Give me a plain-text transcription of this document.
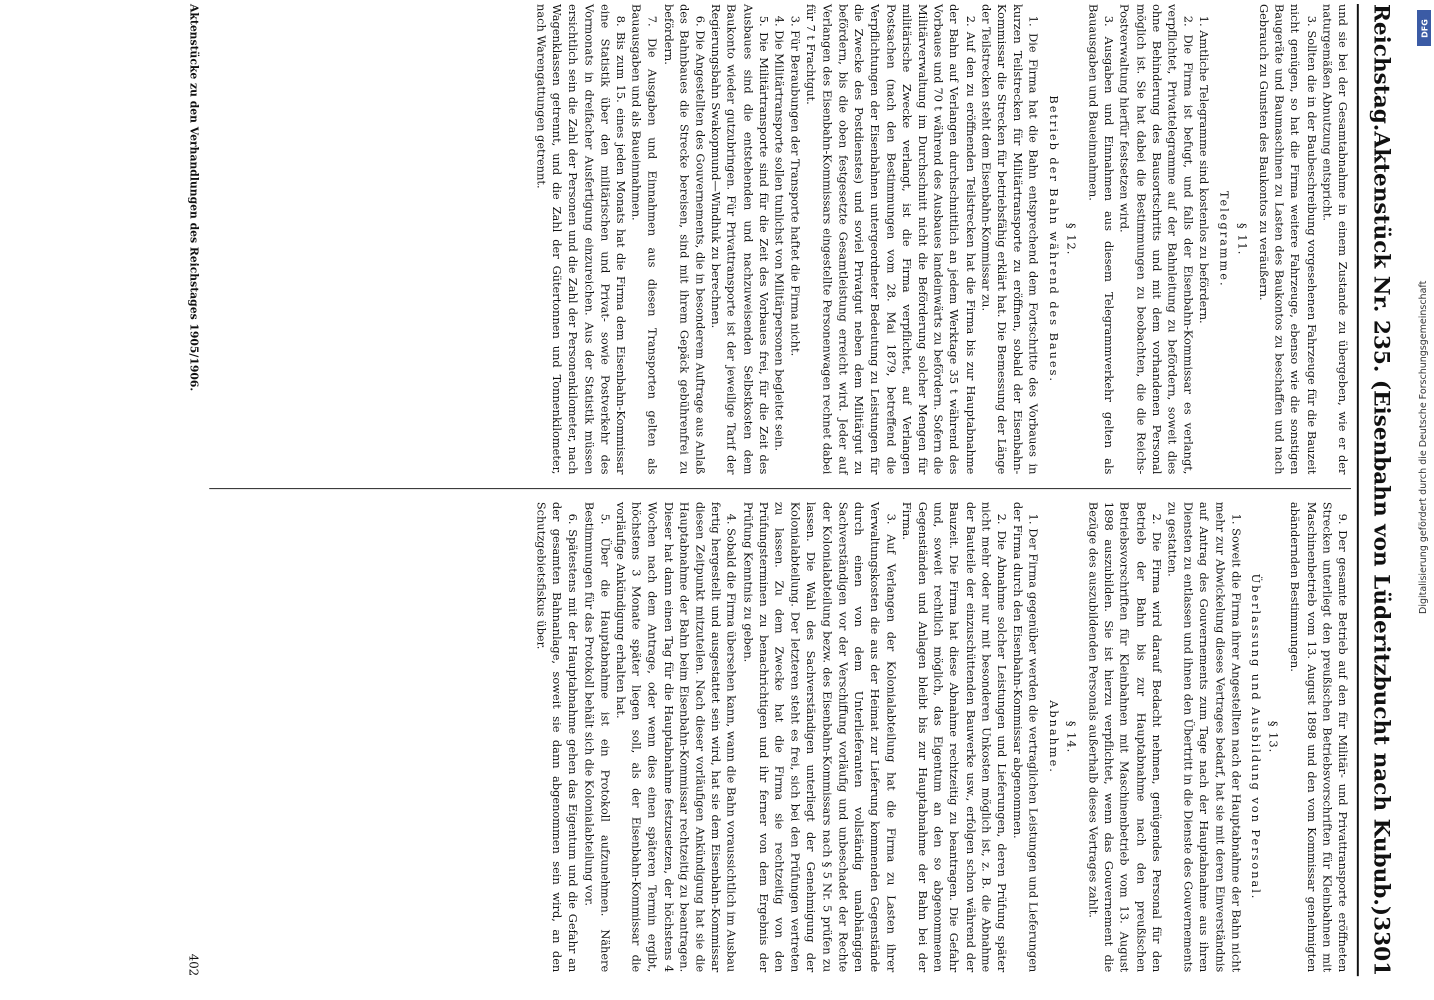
Reichstag.
Aktenstück Nr. 235. (Eisenbahn von Lüderitzbucht nach Kubub.)
3301

und sie bei der Gesamtabnahme in einem Zustande zu übergeben, wie er der naturgemäßen Abnutzung entspricht.

3. Sollten die in der Baubeschreibung vorgesehenen Fahrzeuge für die Bauzeit nicht genügen, so hat die Firma weitere Fahrzeuge, ebenso wie die sonstigen Baugeräte und Baumaschinen zu Lasten des Baukontos zu beschaffen und nach Gebrauch zu Gunsten des Baukontos zu veräußern.

§ 11.

Telegramme.

1. Amtliche Telegramme sind kostenlos zu befördern.

2. Die Firma ist befugt, und falls der Eisenbahn-Kommissar es verlangt, verpflichtet, Privattelegramme auf der Bahnleitung zu befördern, soweit dies ohne Behinderung des Bausortschritts und mit dem vorhandenen Personal möglich ist. Sie hat dabei die Bestimmungen zu beobachten, die die Reichs-Postverwaltung hierfür festsetzen wird.

3. Ausgaben und Einnahmen aus diesem Telegrammverkehr gelten als Bauausgaben und Baueinnahmen.

§ 12.

Betrieb der Bahn während des Baues.

1. Die Firma hat die Bahn entsprechend dem Fortschritte des Vorbaues in kurzen Teilstrecken für Militärtransporte zu eröffnen, sobald der Eisenbahn-Kommissar die Strecken für betriebsfähig erklärt hat. Die Bemessung der Länge der Teilstrecken steht dem Eisenbahn-Kommissar zu.

2. Auf den zu eröffnenden Teilstrecken hat die Firma bis zur Hauptabnahme der Bahn auf Verlangen durchschnittlich an jedem Werktage 35 t während des Vorbaues und 70 t während des Ausbaues landeinwärts zu befördern. Sofern die Militärverwaltung im Durchschnitt nicht die Beförderung solcher Mengen für militärische Zwecke verlangt, ist die Firma verpflichtet, auf Verlangen Postsachen (nach den Bestimmungen vom 28. Mai 1879, betreffend die Verpflichtungen der Eisenbahnen untergeordneter Bedeutung zu Leistungen für die Zwecke des Postdienstes) und soviel Privatgut neben dem Militärgut zu befördern, bis die oben festgesetzte Gesamtleistung erreicht wird. Jeder auf Verlangen des Eisenbahn-Kommissars eingestellte Personenwagen rechnet dabei für 7 t Frachtgut.

3. Für Beraubungen der Transporte haftet die Firma nicht.

4. Die Militärtransporte sollen tunlichst von Militärpersonen begleitet sein.

5. Die Militärtransporte sind für die Zeit des Vorbaues frei, für die Zeit des Ausbaues sind die entstehenden und nachzuweisenden Selbstkosten dem Baukonto wieder gutzubringen. Für Privattransporte ist der jeweilige Tarif der Regierungsbahn Swakopmund—Windhuk zu berechnen.

6. Die Angestellten des Gouvernements, die in besonderem Auftrage aus Anlaß des Bahnbaues die Strecke bereisen, sind mit ihrem Gepäck gebührenfrei zu befördern.

7. Die Ausgaben und Einnahmen aus diesen Transporten gelten als Bauausgaben und als Baueinnahmen.

8. Bis zum 15. eines jeden Monats hat die Firma dem Eisenbahn-Kommissar eine Statistik über den militärischen und Privat- sowie Postverkehr des Vormonats in dreifacher Ausfertigung einzureichen. Aus der Statistik müssen ersichtlich sein die Zahl der Personen und die Zahl der Personenkilometer, nach Wagenklassen getrennt, und die Zahl der Gütertonnen und Tonnenkilometer, nach Warengattungen getrennt.

9. Der gesamte Betrieb auf den für Militär- und Privattransporte eröffneten Strecken unterliegt den preußischen Betriebsvorschriften für Kleinbahnen mit Maschinenbetrieb vom 13. August 1898 und den vom Kommissar genehmigten abändernden Bestimmungen.

§ 13.

Überlassung und Ausbildung von Personal.

1. Soweit die Firma ihrer Angestellten nach der Hauptabnahme der Bahn nicht mehr zur Abwickelung dieses Vertrages bedarf, hat sie mit deren Einverständnis auf Antrag des Gouvernements zum Tage nach der Hauptabnahme aus ihren Diensten zu entlassen und ihnen den Übertritt in die Dienste des Gouvernements zu gestatten.

2. Die Firma wird darauf Bedacht nehmen, genügendes Personal für den Betrieb der Bahn bis zur Hauptabnahme nach den preußischen Betriebsvorschriften für Kleinbahnen mit Maschinenbetrieb vom 13. August 1898 auszubilden. Sie ist hierzu verpflichtet, wenn das Gouvernement die Bezüge des auszubildenden Personals außerhalb dieses Vertrages zahlt.

§ 14.

Abnahme.

1. Der Firma gegenüber werden die vertraglichen Leistungen und Lieferungen der Firma durch den Eisenbahn-Kommissar abgenommen.

2. Die Abnahme solcher Leistungen und Lieferungen, deren Prüfung später nicht mehr oder nur mit besonderen Unkosten möglich ist, z. B. die Abnahme der Bauteile der einzuschüttenden Bauwerke usw., erfolgen schon während der Bauzeit. Die Firma hat diese Abnahme rechtzeitig zu beantragen. Die Gefahr und, soweit rechtlich möglich, das Eigentum an den so abgenommenen Gegenständen und Anlagen bleibt bis zur Hauptabnahme der Bahn bei der Firma.

3. Auf Verlangen der Kolonialabteilung hat die Firma zu Lasten ihrer Verwaltungskosten die aus der Heimat zur Lieferung kommenden Gegenstände durch einen von dem Unterlieferanten vollständig unabhängigen Sachverständigen vor der Verschiffung vorläufig und unbeschadet der Rechte der Kolonialabteilung bezw. des Eisenbahn-Kommissars nach § 5 Nr. 5 prüfen zu lassen. Die Wahl des Sachverständigen unterliegt der Genehmigung der Kolonialabteilung. Der letzteren steht es frei, sich bei den Prüfungen vertreten zu lassen. Zu dem Zwecke hat die Firma sie rechtzeitig von den Prüfungsterminen zu benachrichtigen und ihr ferner von dem Ergebnis der Prüfung Kenntnis zu geben.

4. Sobald die Firma übersehen kann, wann die Bahn voraussichtlich im Ausbau fertig hergestellt und ausgestattet sein wird, hat sie dem Eisenbahn-Kommissar diesen Zeitpunkt mitzuteilen. Nach dieser vorläufigen Ankündigung hat sie die Hauptabnahme der Bahn beim Eisenbahn-Kommissar rechtzeitig zu beantragen. Dieser hat dann einen Tag für die Hauptabnahme festzusetzen, der höchstens 4 Wochen nach dem Antrage, oder wenn dies einen späteren Termin ergibt, höchstens 3 Monate später liegen soll, als der Eisenbahn-Kommissar die vorläufige Ankündigung erhalten hat.

5. Über die Hauptabnahme ist ein Protokoll aufzunehmen. Nähere Bestimmungen für das Protokoll behält sich die Kolonialabteilung vor.

6. Spätestens mit der Hauptabnahme gehen das Eigentum und die Gefahr an der gesamten Bahnanlage, soweit sie dann abgenommen sein wird, an den Schutzgebietsfiskus über.

Aktenstücke zu den Verhandlungen des Reichstages 1905/1906.
402
DFG
Digitalisierung gefördert durch die Deutsche Forschungsgemeinschaft
